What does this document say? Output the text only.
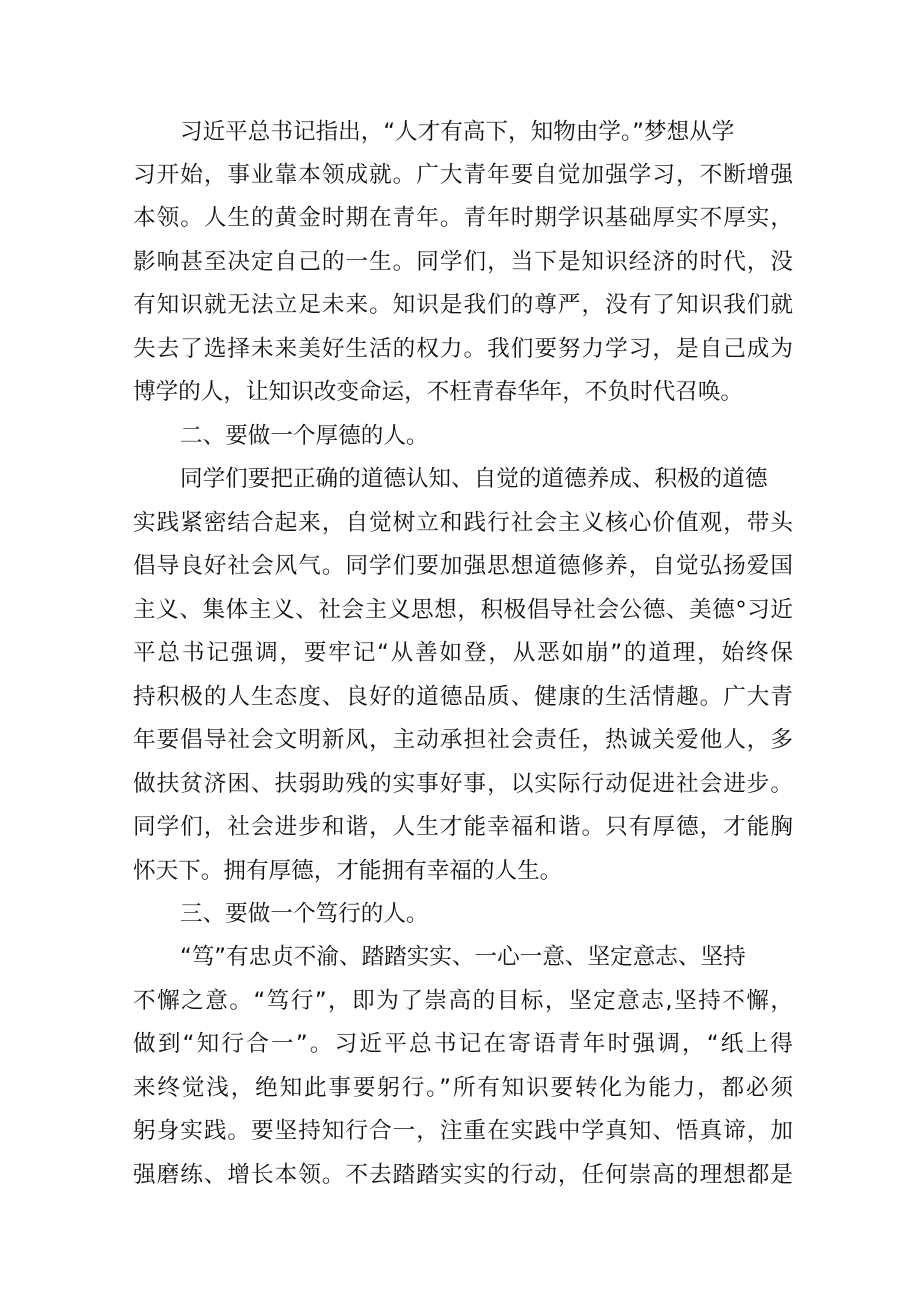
习近平总书记指出，“人才有高下，知物由学。”梦想从学
习开始，事业靠本领成就。广大青年要自觉加强学习，不断增强
本领。人生的黄金时期在青年。青年时期学识基础厚实不厚实，
影响甚至决定自己的一生。同学们，当下是知识经济的时代，没
有知识就无法立足未来。知识是我们的尊严，没有了知识我们就
失去了选择未来美好生活的权力。我们要努力学习，是自己成为
博学的人，让知识改变命运，不枉青春华年，不负时代召唤。
二、要做一个厚德的人。
同学们要把正确的道德认知、自觉的道德养成、积极的道德
实践紧密结合起来，自觉树立和践行社会主义核心价值观，带头
倡导良好社会风气。同学们要加强思想道德修养，自觉弘扬爱国
主义、集体主义、社会主义思想，积极倡导社会公德、美德°习近
平总书记强调，要牢记“从善如登，从恶如崩”的道理，始终保
持积极的人生态度、良好的道德品质、健康的生活情趣。广大青
年要倡导社会文明新风，主动承担社会责任，热诚关爱他人，多
做扶贫济困、扶弱助残的实事好事，以实际行动促进社会进步。
同学们，社会进步和谐，人生才能幸福和谐。只有厚德，才能胸
怀天下。拥有厚德，才能拥有幸福的人生。
三、要做一个笃行的人。
“笃”有忠贞不渝、踏踏实实、一心一意、坚定意志、坚持
不懈之意。“笃行”，即为了崇高的目标，坚定意志,坚持不懈，
做到“知行合一”。习近平总书记在寄语青年时强调，“纸上得
来终觉浅，绝知此事要躬行。”所有知识要转化为能力，都必须
躬身实践。要坚持知行合一，注重在实践中学真知、悟真谛，加
强磨练、增长本领。不去踏踏实实的行动，任何崇高的理想都是
